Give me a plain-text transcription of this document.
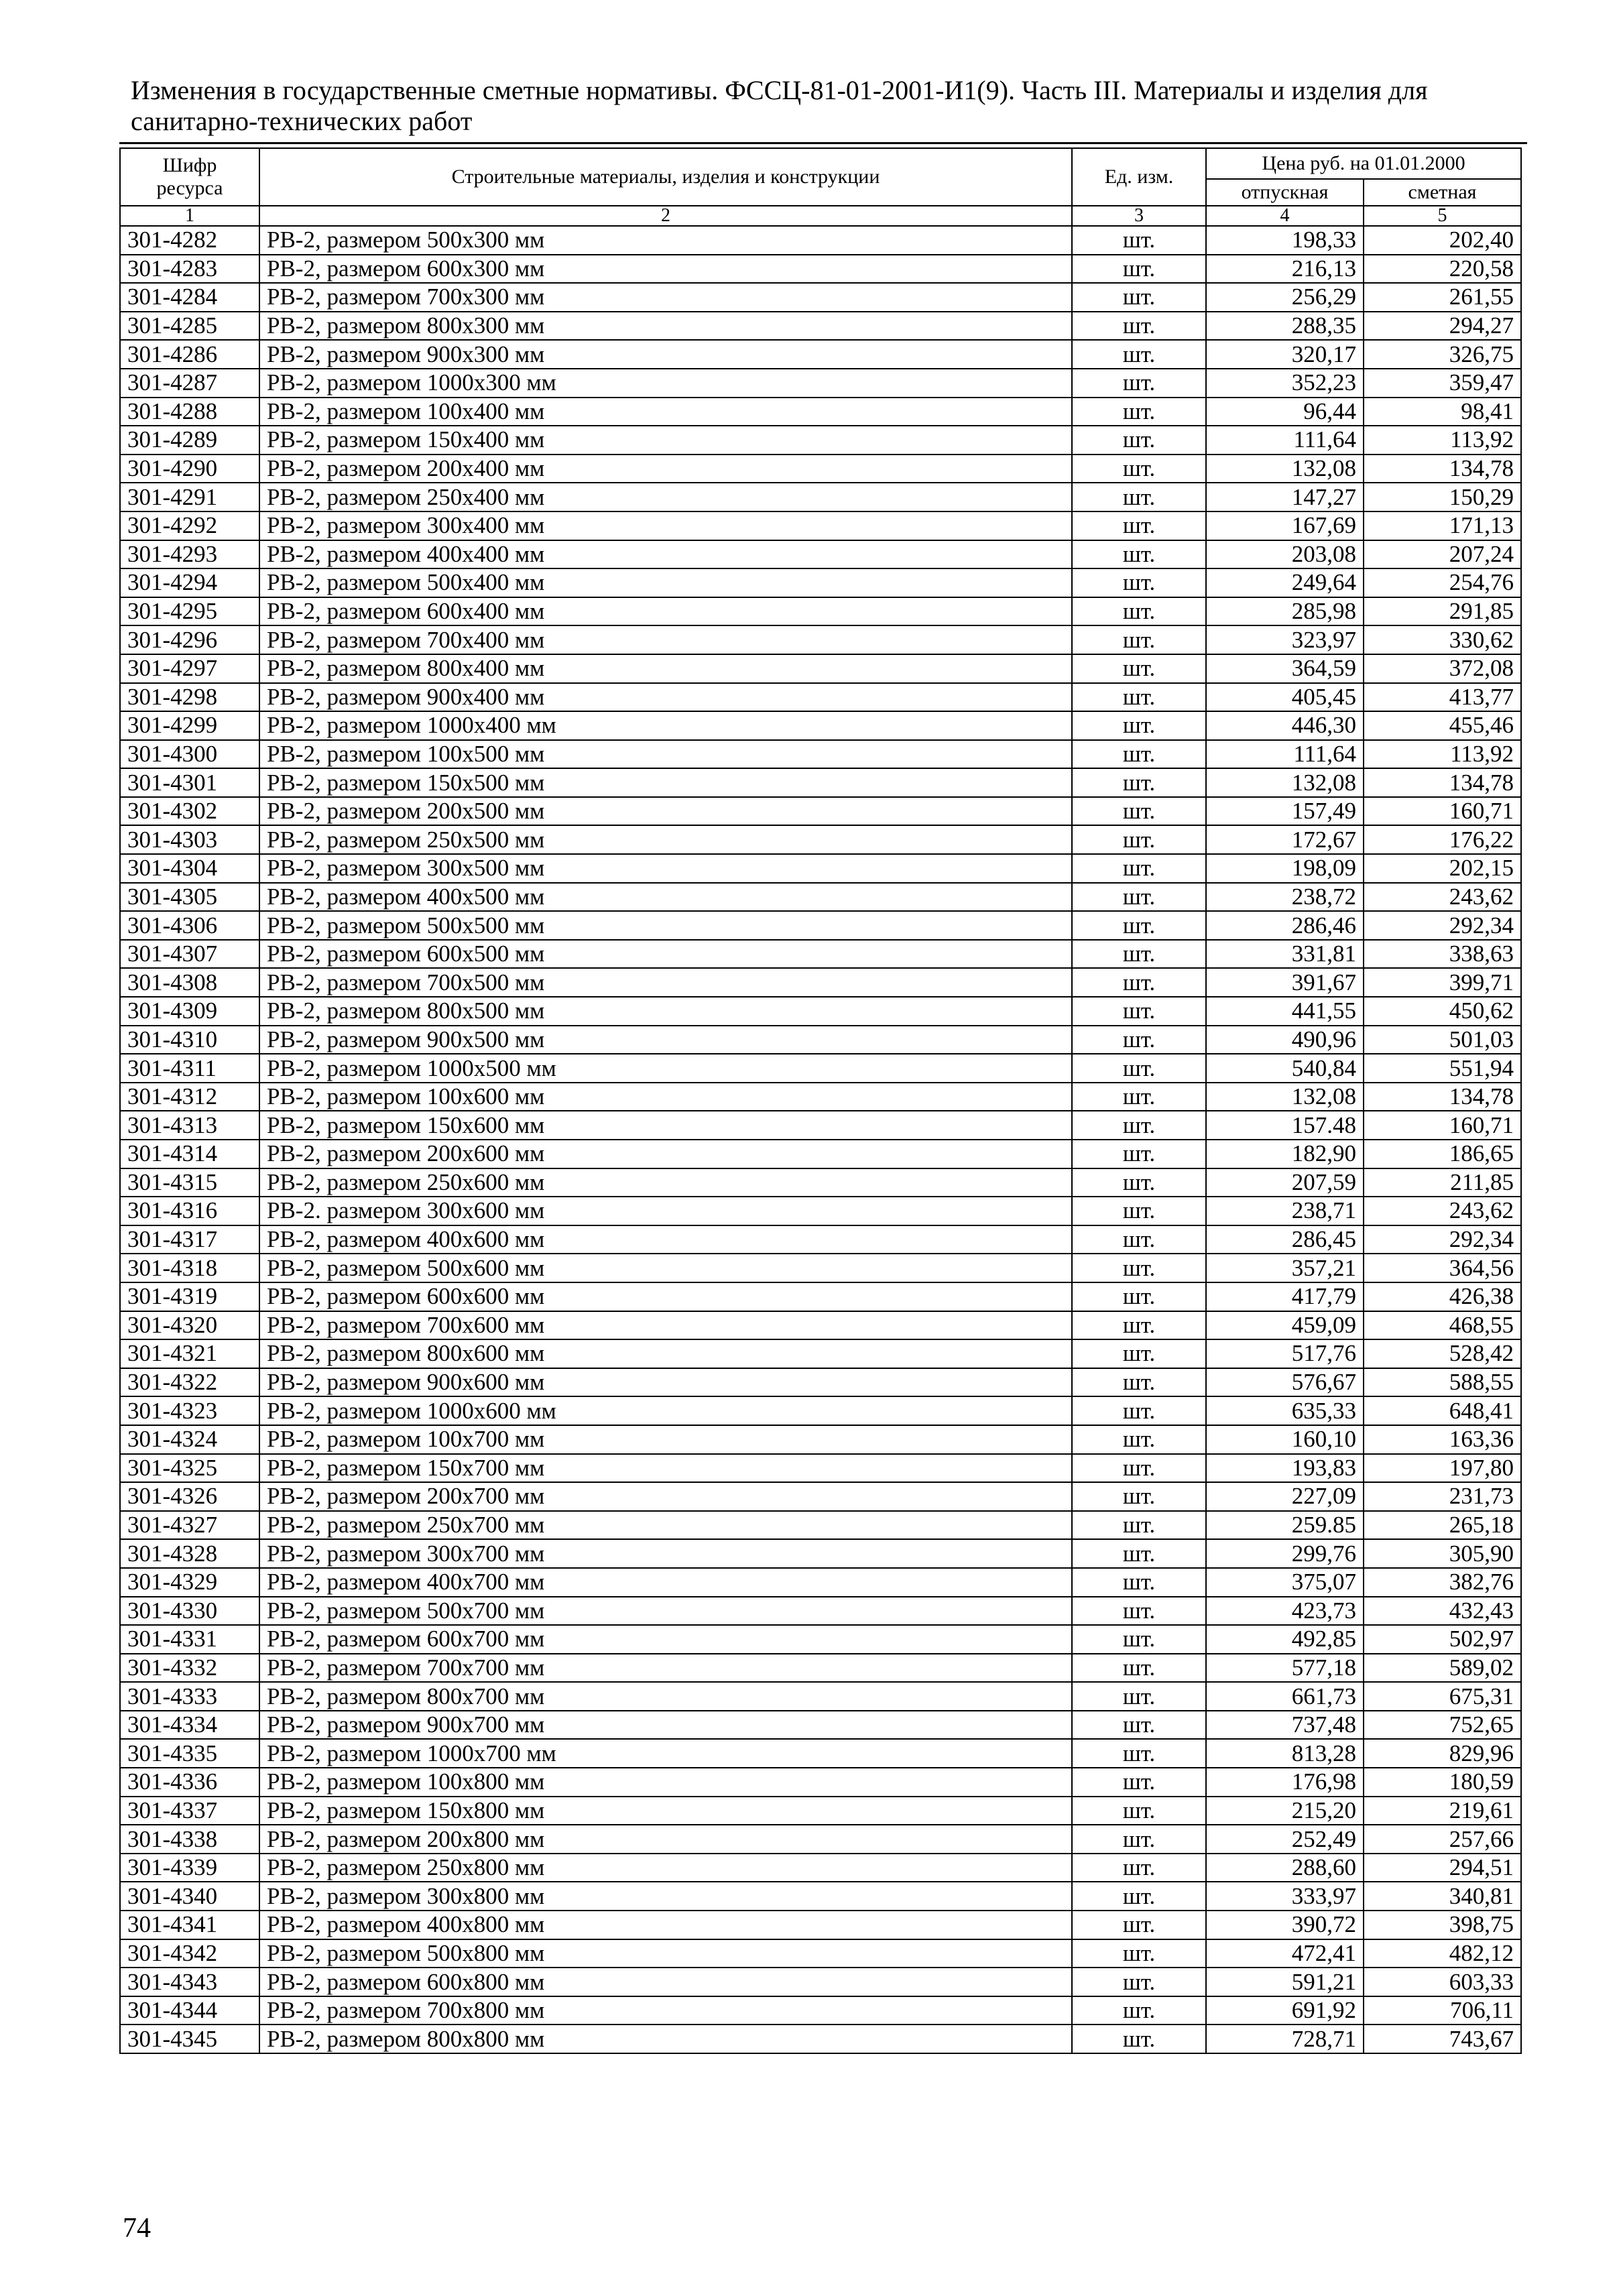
Изменения в государственные сметные нормативы. ФССЦ-81-01-2001-И1(9). Часть III. Материалы и изделия для
санитарно-технических работ
Шифр ресурса	Строительные материалы, изделия и конструкции	Ед. изм.	Цена руб. на 01.01.2000	
			отпускная	сметная
1	2	3	4	5
301-4282	РВ-2, размером 500x300 мм	шт.	198,33	202,40
301-4283	РВ-2, размером 600x300 мм	шт.	216,13	220,58
301-4284	РВ-2, размером 700x300 мм	шт.	256,29	261,55
301-4285	РВ-2, размером 800x300 мм	шт.	288,35	294,27
301-4286	РВ-2, размером 900x300 мм	шт.	320,17	326,75
301-4287	РВ-2, размером 1000x300 мм	шт.	352,23	359,47
301-4288	РВ-2, размером 100x400 мм	шт.	96,44	98,41
301-4289	РВ-2, размером 150x400 мм	шт.	111,64	113,92
301-4290	РВ-2, размером 200x400 мм	шт.	132,08	134,78
301-4291	РВ-2, размером 250x400 мм	шт.	147,27	150,29
301-4292	РВ-2, размером 300x400 мм	шт.	167,69	171,13
301-4293	РВ-2, размером 400x400 мм	шт.	203,08	207,24
301-4294	РВ-2, размером 500x400 мм	шт.	249,64	254,76
301-4295	РВ-2, размером 600x400 мм	шт.	285,98	291,85
301-4296	РВ-2, размером 700x400 мм	шт.	323,97	330,62
301-4297	РВ-2, размером 800x400 мм	шт.	364,59	372,08
301-4298	РВ-2, размером 900x400 мм	шт.	405,45	413,77
301-4299	РВ-2, размером 1000x400 мм	шт.	446,30	455,46
301-4300	РВ-2, размером 100x500 мм	шт.	111,64	113,92
301-4301	РВ-2, размером 150x500 мм	шт.	132,08	134,78
301-4302	РВ-2, размером 200x500 мм	шт.	157,49	160,71
301-4303	РВ-2, размером 250x500 мм	шт.	172,67	176,22
301-4304	РВ-2, размером 300x500 мм	шт.	198,09	202,15
301-4305	РВ-2, размером 400x500 мм	шт.	238,72	243,62
301-4306	РВ-2, размером 500x500 мм	шт.	286,46	292,34
301-4307	РВ-2, размером 600x500 мм	шт.	331,81	338,63
301-4308	РВ-2, размером 700x500 мм	шт.	391,67	399,71
301-4309	РВ-2, размером 800x500 мм	шт.	441,55	450,62
301-4310	РВ-2, размером 900x500 мм	шт.	490,96	501,03
301-4311	РВ-2, размером 1000x500 мм	шт.	540,84	551,94
301-4312	РВ-2, размером 100x600 мм	шт.	132,08	134,78
301-4313	РВ-2, размером 150x600 мм	шт.	157.48	160,71
301-4314	РВ-2, размером 200x600 мм	шт.	182,90	186,65
301-4315	РВ-2, размером 250x600 мм	шт.	207,59	211,85
301-4316	РВ-2. размером 300x600 мм	шт.	238,71	243,62
301-4317	РВ-2, размером 400x600 мм	шт.	286,45	292,34
301-4318	РВ-2, размером 500x600 мм	шт.	357,21	364,56
301-4319	РВ-2, размером 600x600 мм	шт.	417,79	426,38
301-4320	РВ-2, размером 700x600 мм	шт.	459,09	468,55
301-4321	РВ-2, размером 800x600 мм	шт.	517,76	528,42
301-4322	РВ-2, размером 900x600 мм	шт.	576,67	588,55
301-4323	РВ-2, размером 1000x600 мм	шт.	635,33	648,41
301-4324	РВ-2, размером 100x700 мм	шт.	160,10	163,36
301-4325	РВ-2, размером 150x700 мм	шт.	193,83	197,80
301-4326	РВ-2, размером 200x700 мм	шт.	227,09	231,73
301-4327	РВ-2, размером 250x700 мм	шт.	259.85	265,18
301-4328	РВ-2, размером 300x700 мм	шт.	299,76	305,90
301-4329	РВ-2, размером 400x700 мм	шт.	375,07	382,76
301-4330	РВ-2, размером 500x700 мм	шт.	423,73	432,43
301-4331	РВ-2, размером 600x700 мм	шт.	492,85	502,97
301-4332	РВ-2, размером 700x700 мм	шт.	577,18	589,02
301-4333	РВ-2, размером 800x700 мм	шт.	661,73	675,31
301-4334	РВ-2, размером 900x700 мм	шт.	737,48	752,65
301-4335	РВ-2, размером 1000x700 мм	шт.	813,28	829,96
301-4336	РВ-2, размером 100x800 мм	шт.	176,98	180,59
301-4337	РВ-2, размером 150x800 мм	шт.	215,20	219,61
301-4338	РВ-2, размером 200x800 мм	шт.	252,49	257,66
301-4339	РВ-2, размером 250x800 мм	шт.	288,60	294,51
301-4340	РВ-2, размером 300x800 мм	шт.	333,97	340,81
301-4341	РВ-2, размером 400x800 мм	шт.	390,72	398,75
301-4342	РВ-2, размером 500x800 мм	шт.	472,41	482,12
301-4343	РВ-2, размером 600x800 мм	шт.	591,21	603,33
301-4344	РВ-2, размером 700x800 мм	шт.	691,92	706,11
301-4345	РВ-2, размером 800x800 мм	шт.	728,71	743,67
74
